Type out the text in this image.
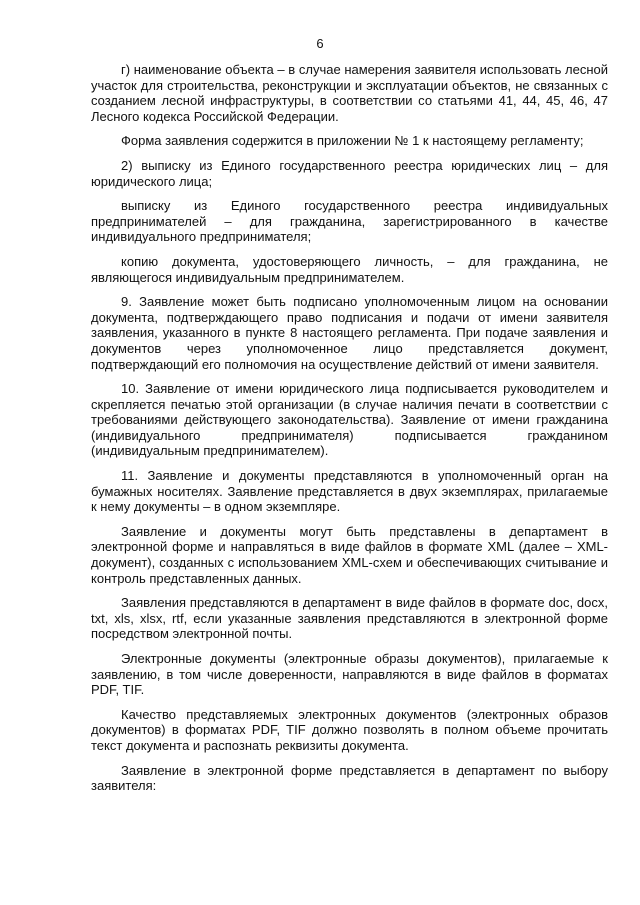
6

г) наименование объекта – в случае намерения заявителя использовать лесной участок для строительства, реконструкции и эксплуатации объектов, не связанных с созданием лесной инфраструктуры, в соответствии со статьями 41, 44, 45, 46, 47 Лесного кодекса Российской Федерации.

Форма заявления содержится в приложении № 1 к настоящему регламенту;

2) выписку из Единого государственного реестра юридических лиц – для юридического лица;

выписку из Единого государственного реестра индивидуальных предпринимателей – для гражданина, зарегистрированного в качестве индивидуального предпринимателя;

копию документа, удостоверяющего личность, – для гражданина, не являющегося индивидуальным предпринимателем.

9. Заявление может быть подписано уполномоченным лицом на основании документа, подтверждающего право подписания и подачи от имени заявителя заявления, указанного в пункте 8 настоящего регламента. При подаче заявления и документов через уполномоченное лицо представляется документ, подтверждающий его полномочия на осуществление действий от имени заявителя.

10. Заявление от имени юридического лица подписывается руководителем и скрепляется печатью этой организации (в случае наличия печати в соответствии с требованиями действующего законодательства). Заявление от имени гражданина (индивидуального предпринимателя) подписывается гражданином (индивидуальным предпринимателем).

11. Заявление и документы представляются в уполномоченный орган на бумажных носителях. Заявление представляется в двух экземплярах, прилагаемые к нему документы – в одном экземпляре.

Заявление и документы могут быть представлены в департамент в электронной форме и направляться в виде файлов в формате XML (далее – XML-документ), созданных с использованием XML-схем и обеспечивающих считывание и контроль представленных данных.

Заявления представляются в департамент в виде файлов в формате doc, docx, txt, xls, xlsx, rtf, если указанные заявления представляются в электронной форме посредством электронной почты.

Электронные документы (электронные образы документов), прилагаемые к заявлению, в том числе доверенности, направляются в виде файлов в форматах PDF, TIF.

Качество представляемых электронных документов (электронных образов документов) в форматах PDF, TIF должно позволять в полном объеме прочитать текст документа и распознать реквизиты документа.

Заявление в электронной форме представляется в департамент по выбору заявителя:
